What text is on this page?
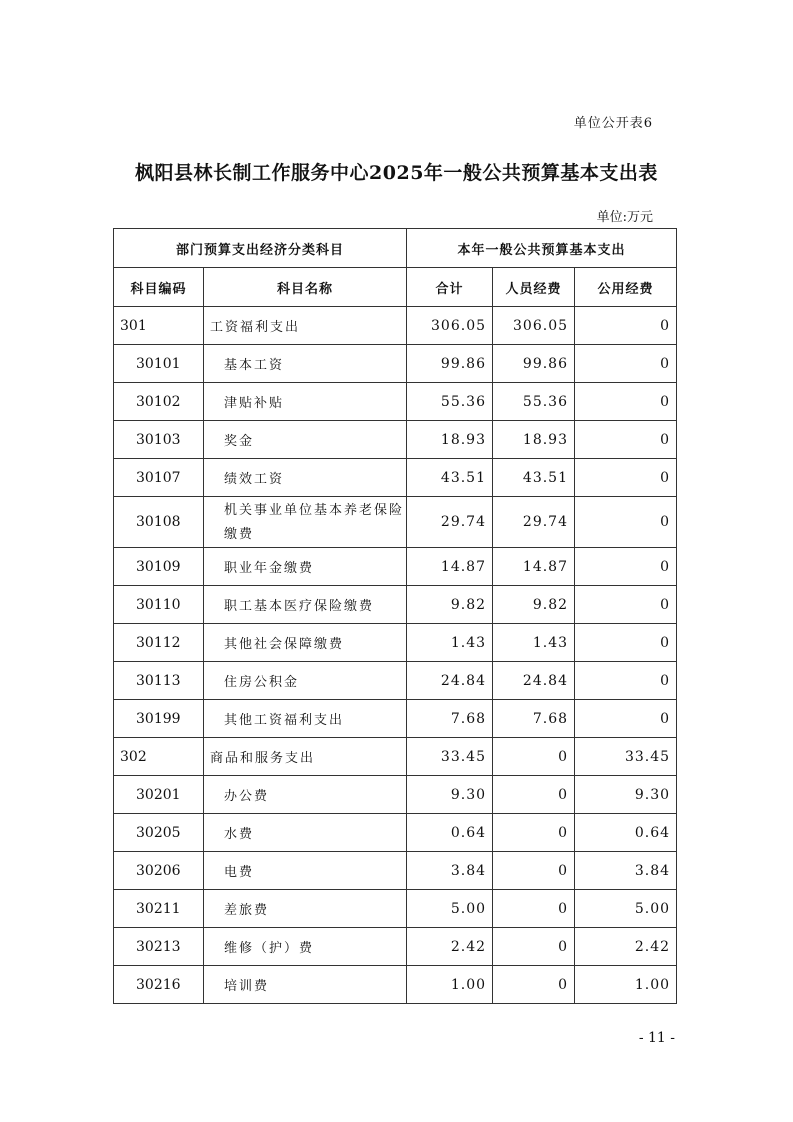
单位公开表6
枫阳县林长制工作服务中心2025年一般公共预算基本支出表
单位:万元
部门预算支出经济分类科目		本年一般公共预算基本支出		
科目编码	科目名称	合计	人员经费	公用经费
301	工资福利支出	306.05	306.05	0
30101	基本工资	99.86	99.86	0
30102	津贴补贴	55.36	55.36	0
30103	奖金	18.93	18.93	0
30107	绩效工资	43.51	43.51	0
30108	机关事业单位基本养老保险缴费	29.74	29.74	0
30109	职业年金缴费	14.87	14.87	0
30110	职工基本医疗保险缴费	9.82	9.82	0
30112	其他社会保障缴费	1.43	1.43	0
30113	住房公积金	24.84	24.84	0
30199	其他工资福利支出	7.68	7.68	0
302	商品和服务支出	33.45	0	33.45
30201	办公费	9.30	0	9.30
30205	水费	0.64	0	0.64
30206	电费	3.84	0	3.84
30211	差旅费	5.00	0	5.00
30213	维修（护）费	2.42	0	2.42
30216	培训费	1.00	0	1.00
- 11 -
